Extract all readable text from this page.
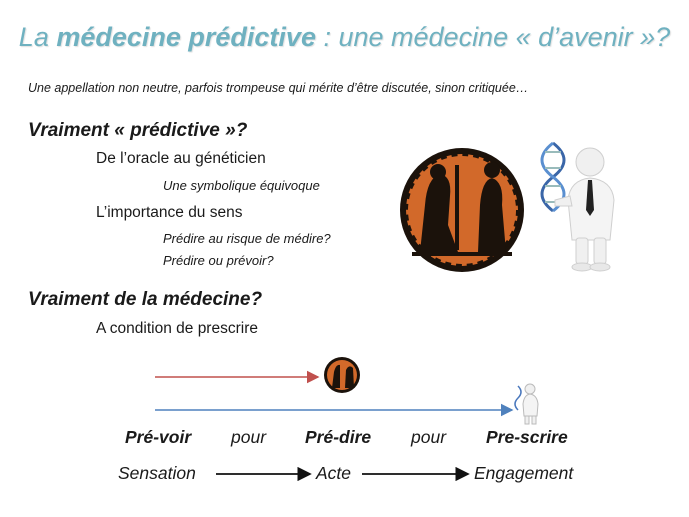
La médecine prédictive : une médecine « d’avenir »?
Une appellation non neutre, parfois trompeuse qui mérite d’être discutée, sinon critiquée…
Vraiment « prédictive »?
De l’oracle au généticien
Une symbolique équivoque
L’importance du sens
Prédire au risque de médire?
Prédire ou prévoir?
Vraiment de la médecine?
A condition de prescrire
Pré-voir pour Pré-dire pour Pre-scrire
Sensation	Acte	Engagement
